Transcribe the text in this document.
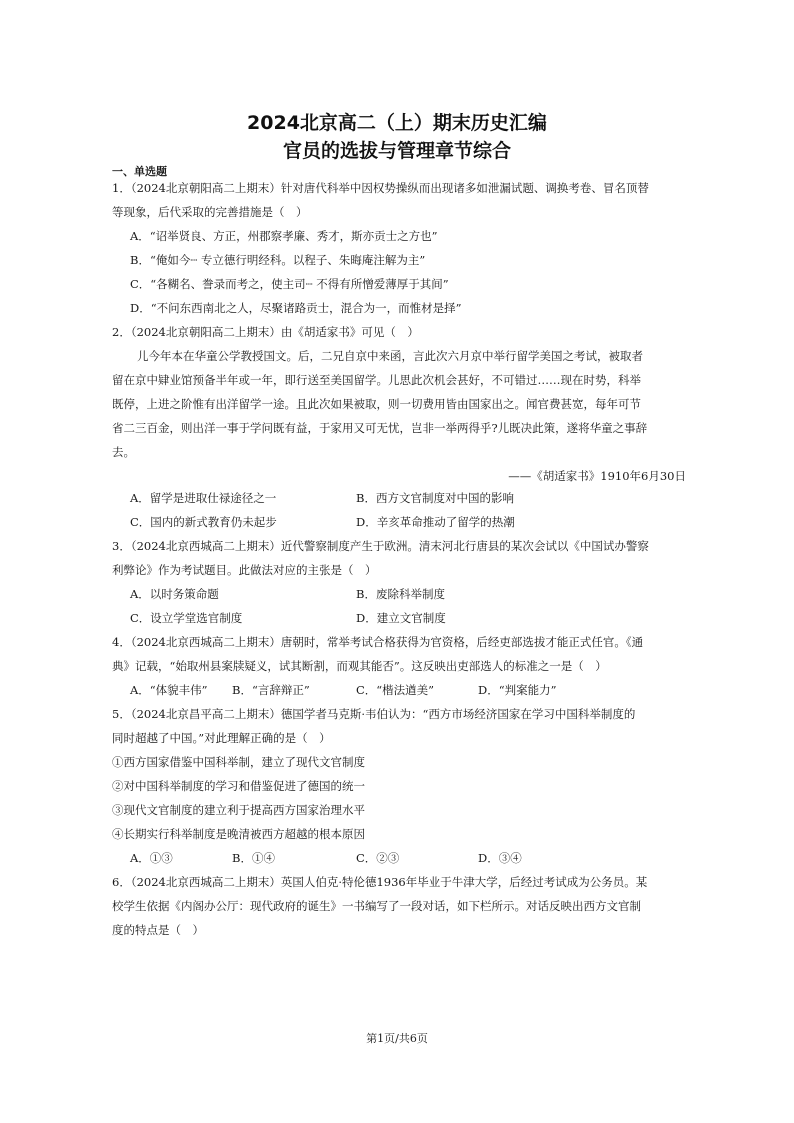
2024北京高二（上）期末历史汇编
官员的选拔与管理章节综合
一、单选题
1．（2024北京朝阳高二上期末）针对唐代科举中因权势操纵而出现诸多如泄漏试题、调换考卷、冒名顶替
等现象，后代采取的完善措施是（　）
A．“诏举贤良、方正，州郡察孝廉、秀才，斯亦贡士之方也”
B．“俺如今┈ 专立德行明经科。以程子、朱晦庵注解为主”
C．“各糊名、誊录而考之，使主司┈ 不得有所憎爱薄厚于其间”
D．“不问东西南北之人，尽聚诸路贡士，混合为一，而惟材是择”
2．（2024北京朝阳高二上期末）由《胡适家书》可见（　）
儿今年本在华童公学教授国文。后，二兄自京中来函，言此次六月京中举行留学美国之考试，被取者
留在京中肄业馆预备半年或一年，即行送至美国留学。儿思此次机会甚好，不可错过……现在时势，科举
既停，上进之阶惟有出洋留学一途。且此次如果被取，则一切费用皆由国家出之。闻官费甚宽，每年可节
省二三百金，则出洋一事于学问既有益，于家用又可无忧，岂非一举两得乎?儿既决此策，遂将华童之事辞
去。
——《胡适家书》1910年6月30日
A．留学是进取仕禄途径之一	B．西方文官制度对中国的影响
C．国内的新式教育仍未起步	D．辛亥革命推动了留学的热潮
3．（2024北京西城高二上期末）近代警察制度产生于欧洲。清末河北行唐县的某次会试以《中国试办警察
利弊论》作为考试题目。此做法对应的主张是（　）
A．以时务策命题	B．废除科举制度
C．设立学堂选官制度	D．建立文官制度
4．（2024北京西城高二上期末）唐朝时，常举考试合格获得为官资格，后经吏部选拔才能正式任官。《通
典》记载，“始取州县案牍疑义，试其断割，而观其能否”。这反映出吏部选人的标准之一是（　）
A．“体貌丰伟” B．“言辞辩正”	C．“楷法遒美”	D．“判案能力”
5．（2024北京昌平高二上期末）德国学者马克斯·韦伯认为：“西方市场经济国家在学习中国科举制度的
同时超越了中国。”对此理解正确的是（　）
①西方国家借鉴中国科举制，建立了现代文官制度
②对中国科举制度的学习和借鉴促进了德国的统一
③现代文官制度的建立利于提高西方国家治理水平
④长期实行科举制度是晚清被西方超越的根本原因
A．①③	B．①④	C．②③	D．③④
6．（2024北京西城高二上期末）英国人伯克·特伦德1936年毕业于牛津大学，后经过考试成为公务员。某
校学生依据《内阁办公厅：现代政府的诞生》一书编写了一段对话，如下栏所示。对话反映出西方文官制
度的特点是（　）
第1页/共6页
